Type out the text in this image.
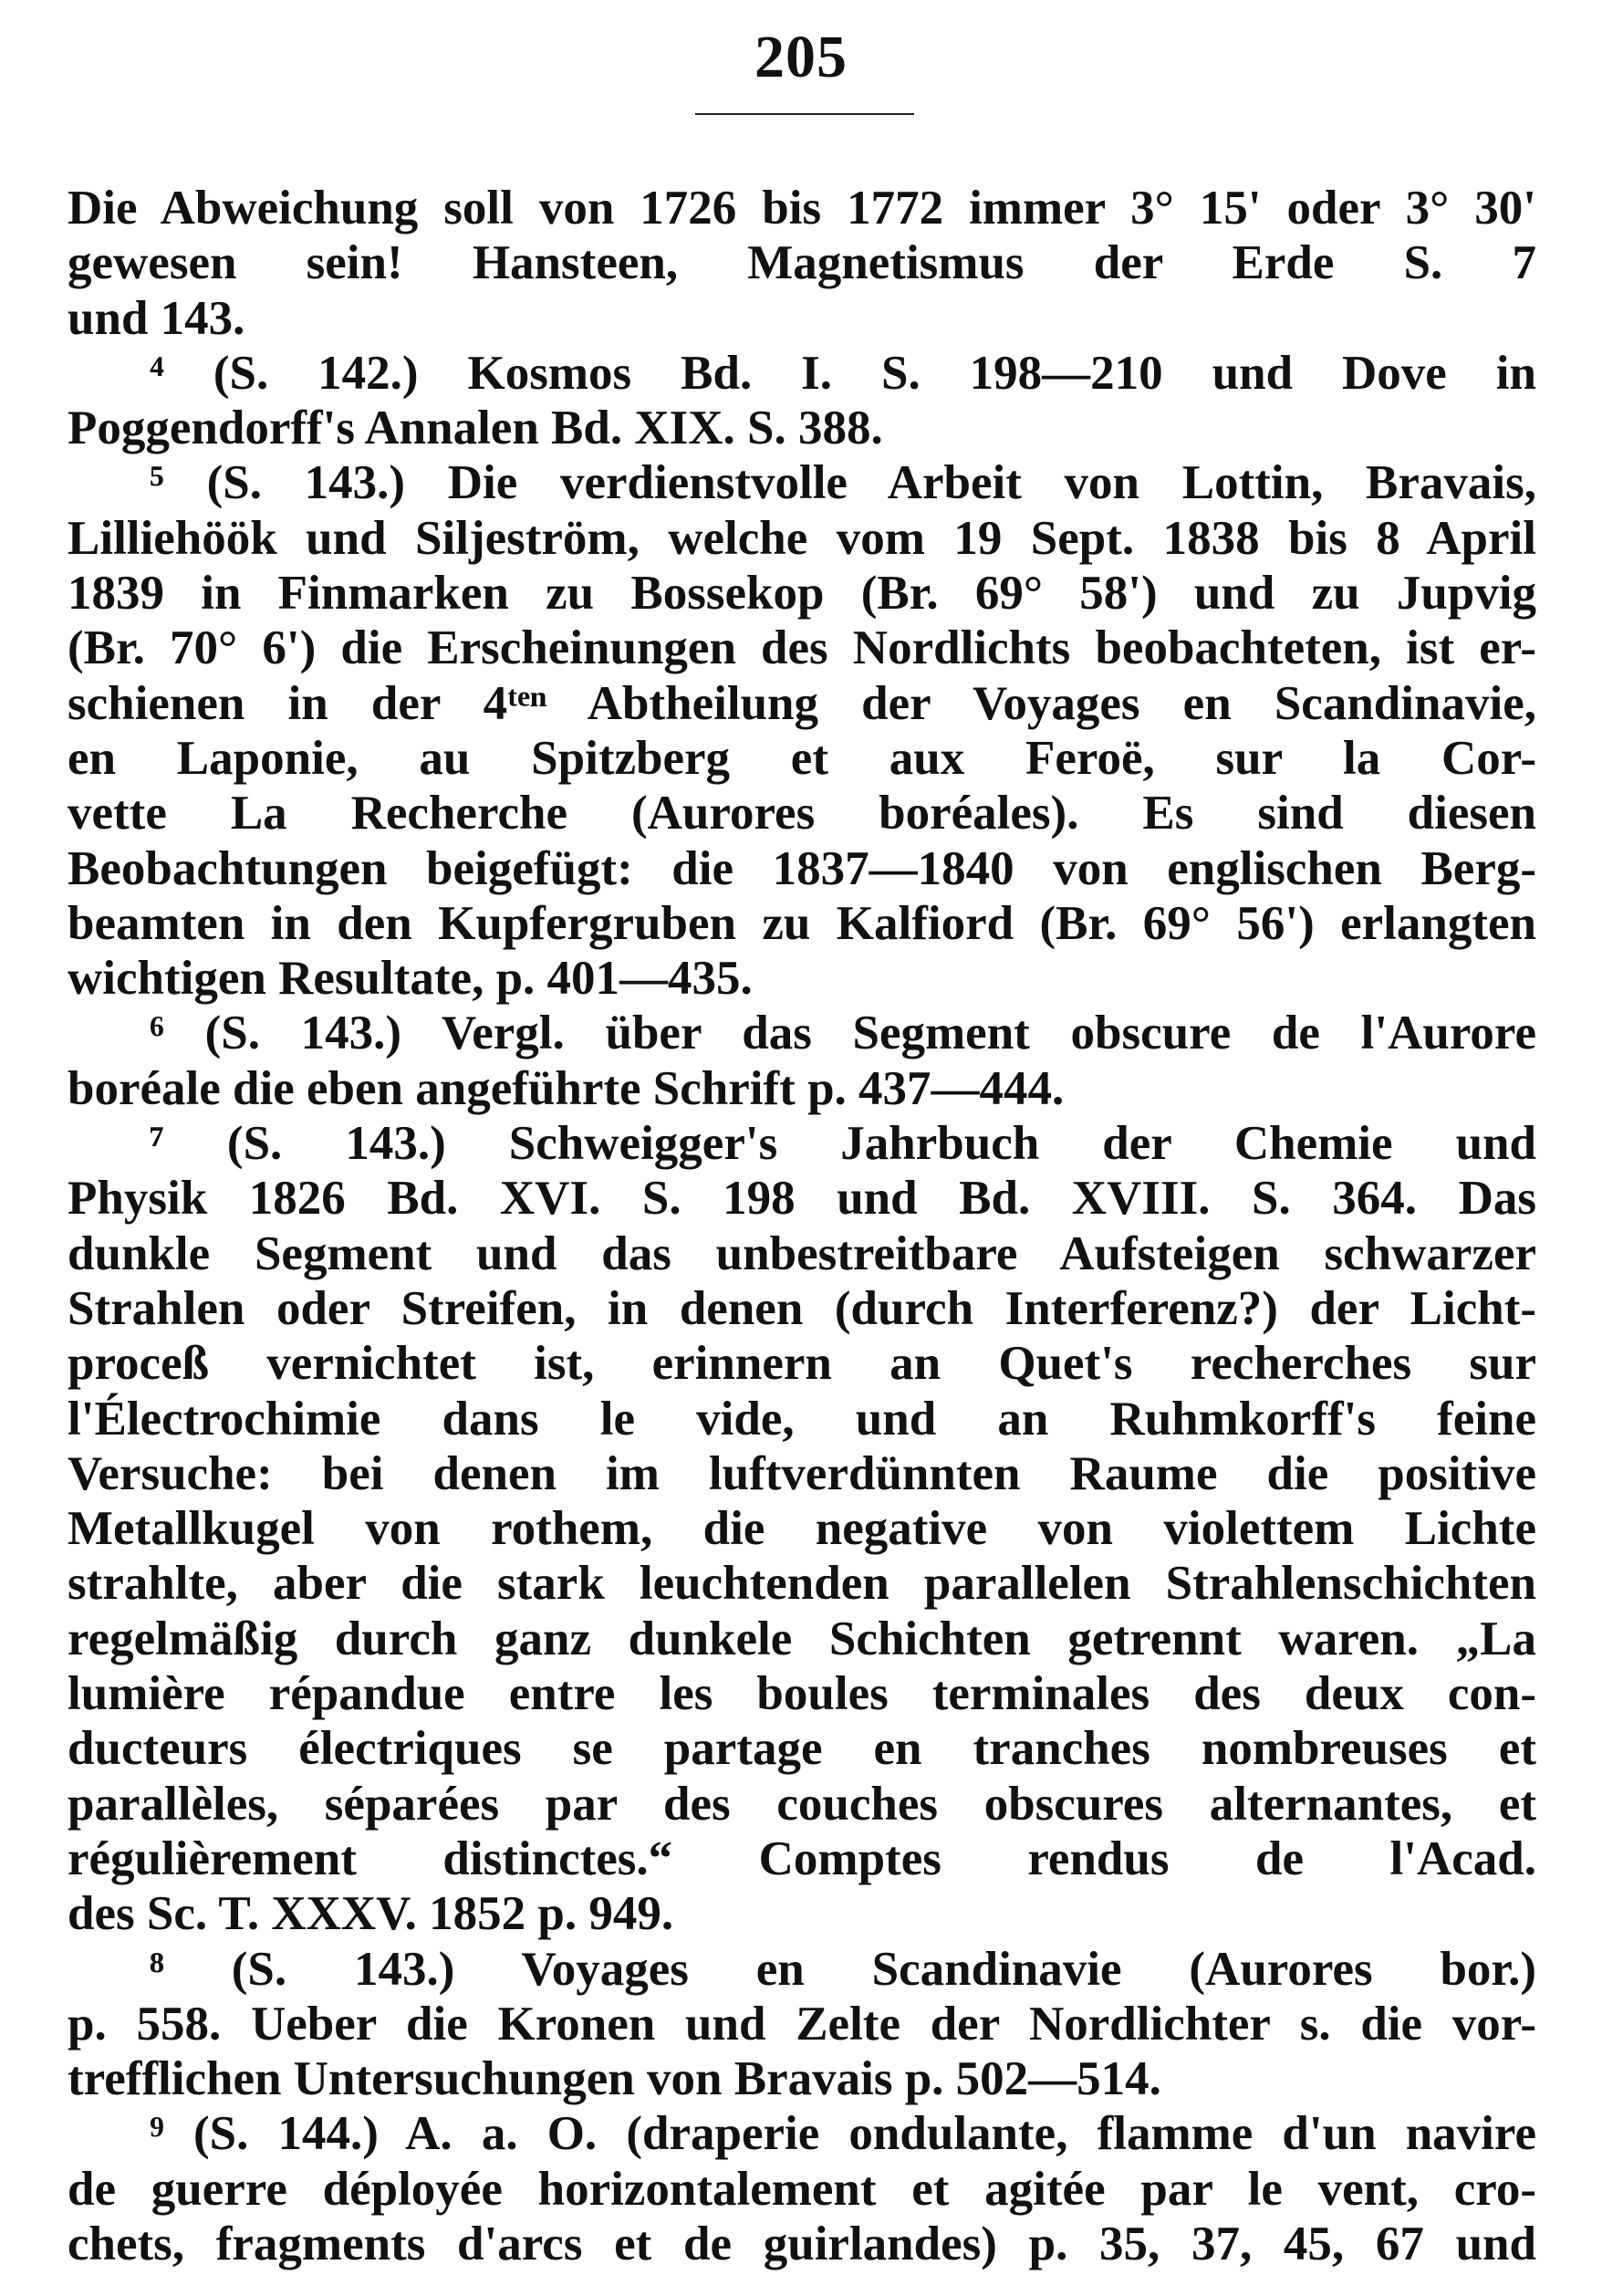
205
Die Abweichung soll von 1726 bis 1772 immer 3° 15' oder 3° 30'
gewesen sein! Hansteen, Magnetismus der Erde S. 7
und 143.
⁴ (S. 142.) Kosmos Bd. I. S. 198—210 und Dove in
Poggendorff's Annalen Bd. XIX. S. 388.
⁵ (S. 143.) Die verdienstvolle Arbeit von Lottin, Bravais,
Lilliehöök und Siljeström, welche vom 19 Sept. 1838 bis 8 April
1839 in Finmarken zu Bossekop (Br. 69° 58') und zu Jupvig
(Br. 70° 6') die Erscheinungen des Nordlichts beobachteten, ist er-
schienen in der 4ᵗᵉⁿ Abtheilung der Voyages en Scandinavie,
en Laponie, au Spitzberg et aux Feroë, sur la Cor-
vette La Recherche (Aurores boréales). Es sind diesen
Beobachtungen beigefügt: die 1837—1840 von englischen Berg-
beamten in den Kupfergruben zu Kalfiord (Br. 69° 56') erlangten
wichtigen Resultate, p. 401—435.
⁶ (S. 143.) Vergl. über das Segment obscure de l'Aurore
boréale die eben angeführte Schrift p. 437—444.
⁷ (S. 143.) Schweigger's Jahrbuch der Chemie und
Physik 1826 Bd. XVI. S. 198 und Bd. XVIII. S. 364. Das
dunkle Segment und das unbestreitbare Aufsteigen schwarzer
Strahlen oder Streifen, in denen (durch Interferenz?) der Licht-
proceß vernichtet ist, erinnern an Quet's recherches sur
l'Électrochimie dans le vide, und an Ruhmkorff's feine
Versuche: bei denen im luftverdünnten Raume die positive
Metallkugel von rothem, die negative von violettem Lichte
strahlte, aber die stark leuchtenden parallelen Strahlenschichten
regelmäßig durch ganz dunkele Schichten getrennt waren. „La
lumière répandue entre les boules terminales des deux con-
ducteurs électriques se partage en tranches nombreuses et
parallèles, séparées par des couches obscures alternantes, et
régulièrement distinctes.“ Comptes rendus de l'Acad.
des Sc. T. XXXV. 1852 p. 949.
⁸ (S. 143.) Voyages en Scandinavie (Aurores bor.)
p. 558. Ueber die Kronen und Zelte der Nordlichter s. die vor-
trefflichen Untersuchungen von Bravais p. 502—514.
⁹ (S. 144.) A. a. O. (draperie ondulante, flamme d'un navire
de guerre déployée horizontalement et agitée par le vent, cro-
chets, fragments d'arcs et de guirlandes) p. 35, 37, 45, 67 und
